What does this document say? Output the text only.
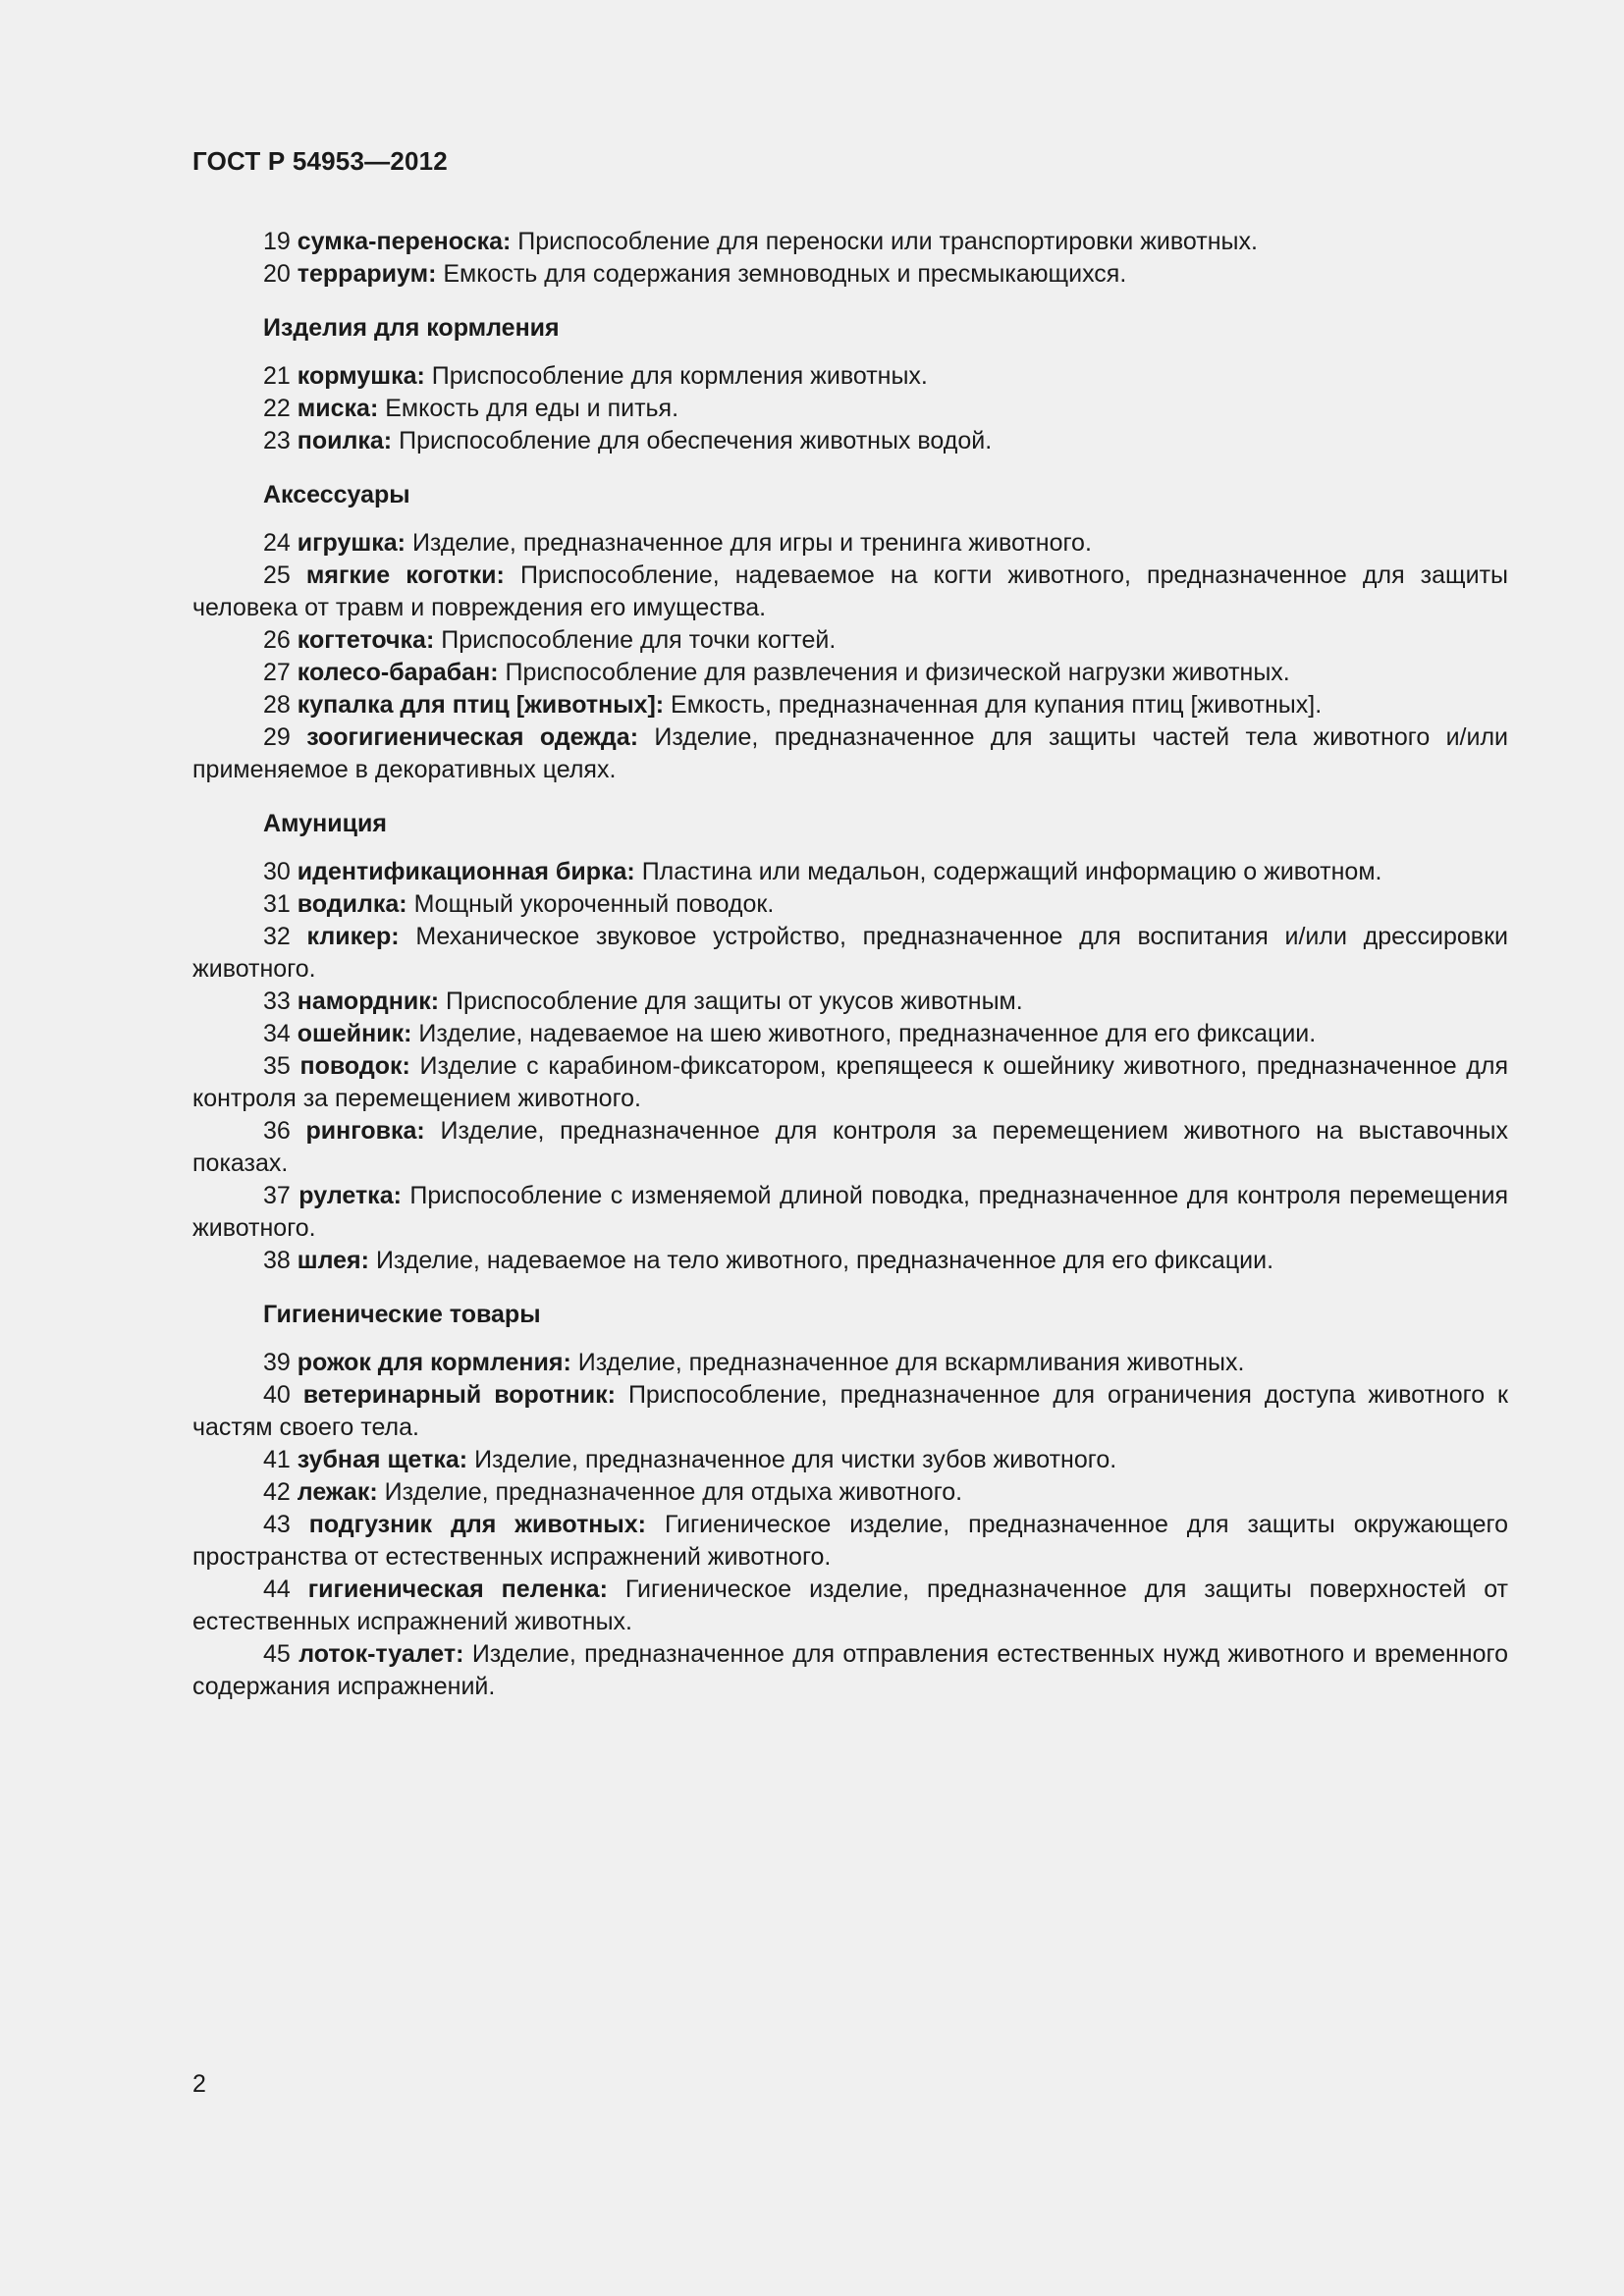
ГОСТ Р 54953—2012

19 сумка-переноска: Приспособление для переноски или транспортировки животных.

20 террариум: Емкость для содержания земноводных и пресмыкающихся.

Изделия для кормления

21 кормушка: Приспособление для кормления животных.

22 миска: Емкость для еды и питья.

23 поилка: Приспособление для обеспечения животных водой.

Аксессуары

24 игрушка: Изделие, предназначенное для игры и тренинга животного.

25 мягкие коготки: Приспособление, надеваемое на когти животного, предназначенное для защиты человека от травм и повреждения его имущества.

26 когтеточка: Приспособление для точки когтей.

27 колесо-барабан: Приспособление для развлечения и физической нагрузки животных.

28 купалка для птиц [животных]: Емкость, предназначенная для купания птиц [животных].

29 зоогигиеническая одежда: Изделие, предназначенное для защиты частей тела животного и/или применяемое в декоративных целях.

Амуниция

30 идентификационная бирка: Пластина или медальон, содержащий информацию о животном.

31 водилка: Мощный укороченный поводок.

32 кликер: Механическое звуковое устройство, предназначенное для воспитания и/или дрессировки животного.

33 намордник: Приспособление для защиты от укусов животным.

34 ошейник: Изделие, надеваемое на шею животного, предназначенное для его фиксации.

35 поводок: Изделие с карабином-фиксатором, крепящееся к ошейнику животного, предназначенное для контроля за перемещением животного.

36 ринговка: Изделие, предназначенное для контроля за перемещением животного на выставочных показах.

37 рулетка: Приспособление с изменяемой длиной поводка, предназначенное для контроля перемещения животного.

38 шлея: Изделие, надеваемое на тело животного, предназначенное для его фиксации.

Гигиенические товары

39 рожок для кормления: Изделие, предназначенное для вскармливания животных.

40 ветеринарный воротник: Приспособление, предназначенное для ограничения доступа животного к частям своего тела.

41 зубная щетка: Изделие, предназначенное для чистки зубов животного.

42 лежак: Изделие, предназначенное для отдыха животного.

43 подгузник для животных: Гигиеническое изделие, предназначенное для защиты окружающего пространства от естественных испражнений животного.

44 гигиеническая пеленка: Гигиеническое изделие, предназначенное для защиты поверхностей от естественных испражнений животных.

45 лоток-туалет: Изделие, предназначенное для отправления естественных нужд животного и временного содержания испражнений.

2
